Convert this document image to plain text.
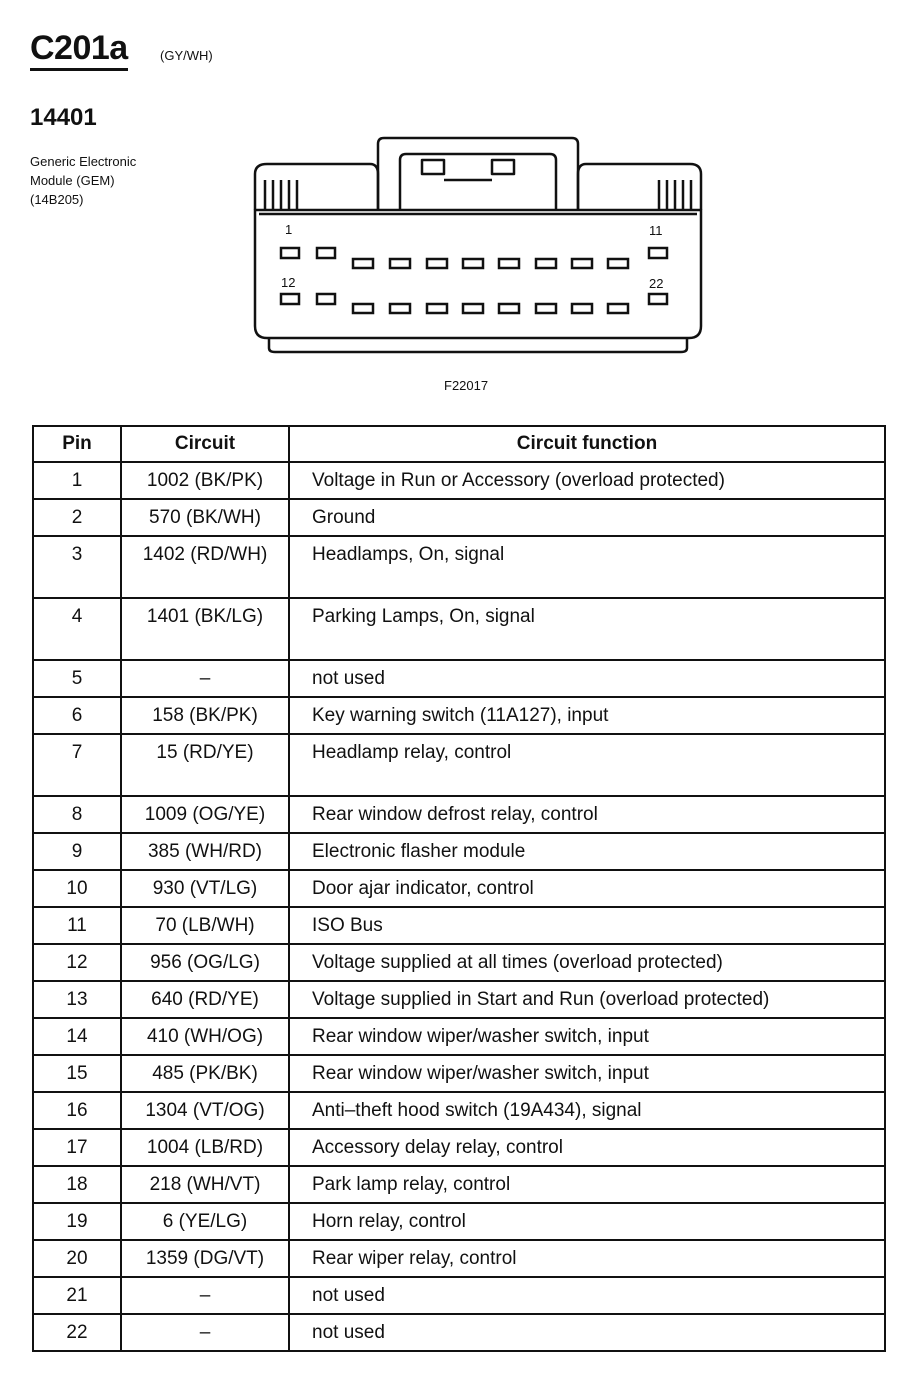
C201a (GY/WH)
14401
Generic Electronic
Module (GEM)
(14B205)
1	11
12	22
F22017
Pin	Circuit	Circuit function
1	1002 (BK/PK)	Voltage in Run or Accessory (overload protected)
2	570 (BK/WH)	Ground
3	1402 (RD/WH)	Headlamps, On, signal
4	1401 (BK/LG)	Parking Lamps, On, signal
5	–	not used
6	158 (BK/PK)	Key warning switch (11A127), input
7	15 (RD/YE)	Headlamp relay, control
8	1009 (OG/YE)	Rear window defrost relay, control
9	385 (WH/RD)	Electronic flasher module
10	930 (VT/LG)	Door ajar indicator, control
11	70 (LB/WH)	ISO Bus
12	956 (OG/LG)	Voltage supplied at all times (overload protected)
13	640 (RD/YE)	Voltage supplied in Start and Run (overload protected)
14	410 (WH/OG)	Rear window wiper/washer switch, input
15	485 (PK/BK)	Rear window wiper/washer switch, input
16	1304 (VT/OG)	Anti–theft hood switch (19A434), signal
17	1004 (LB/RD)	Accessory delay relay, control
18	218 (WH/VT)	Park lamp relay, control
19	6 (YE/LG)	Horn relay, control
20	1359 (DG/VT)	Rear wiper relay, control
21	–	not used
22	–	not used
